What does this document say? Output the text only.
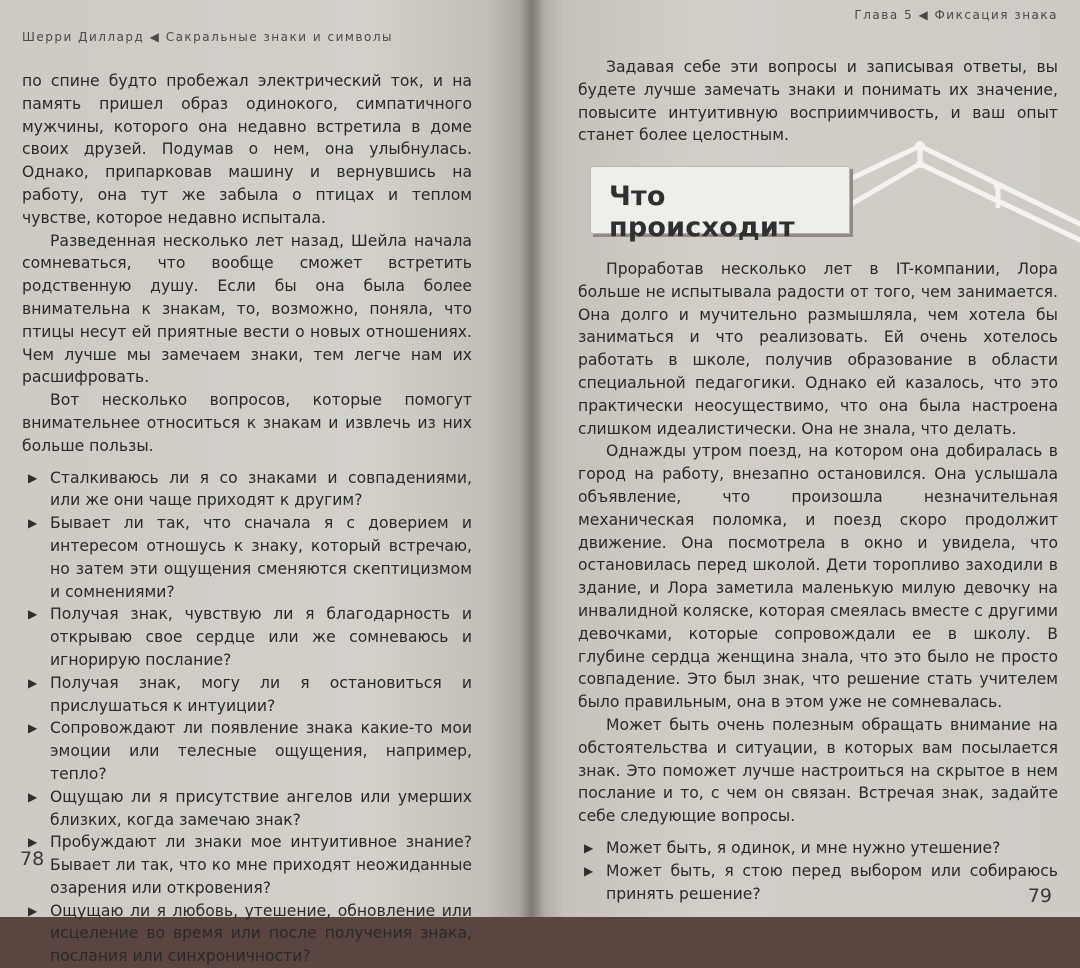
Шерри Диллард ◀ Сакральные знаки и символы
по спине будто пробежал электрический ток, и на память пришел образ одинокого, симпатичного мужчины, которого она недавно встретила в доме своих друзей. Подумав о нем, она улыбнулась. Однако, припарковав машину и вернувшись на работу, она тут же забыла о птицах и теплом чувстве, которое недавно испытала.
Разведенная несколько лет назад, Шейла начала сомневаться, что вообще сможет встретить родственную душу. Если бы она была более внимательна к знакам, то, возможно, поняла, что птицы несут ей приятные вести о новых отношениях. Чем лучше мы замечаем знаки, тем легче нам их расшифровать.
Вот несколько вопросов, которые помогут внимательнее относиться к знакам и извлечь из них больше пользы.
▶ Сталкиваюсь ли я со знаками и совпадениями, или же они чаще приходят к другим?
▶ Бывает ли так, что сначала я с доверием и интересом отношусь к знаку, который встречаю, но затем эти ощущения сменяются скептицизмом и сомнениями?
▶ Получая знак, чувствую ли я благодарность и открываю свое сердце или же сомневаюсь и игнорирую послание?
▶ Получая знак, могу ли я остановиться и прислушаться к интуиции?
▶ Сопровождают ли появление знака какие-то мои эмоции или телесные ощущения, например, тепло?
▶ Ощущаю ли я присутствие ангелов или умерших близких, когда замечаю знак?
▶ Пробуждают ли знаки мое интуитивное знание? Бывает ли так, что ко мне приходят неожиданные озарения или откровения?
▶ Ощущаю ли я любовь, утешение, обновление или исцеление во время или после получения знака, послания или синхроничности?
78
Глава 5 ◀ Фиксация знака
Задавая себе эти вопросы и записывая ответы, вы будете лучше замечать знаки и понимать их значение, повысите интуитивную восприимчивость, и ваш опыт станет более целостным.
Что происходит
Проработав несколько лет в IT-компании, Лора больше не испытывала радости от того, чем занимается. Она долго и мучительно размышляла, чем хотела бы заниматься и что реализовать. Ей очень хотелось работать в школе, получив образование в области специальной педагогики. Однако ей казалось, что это практически неосуществимо, что она была настроена слишком идеалистически. Она не знала, что делать.
Однажды утром поезд, на котором она добиралась в город на работу, внезапно остановился. Она услышала объявление, что произошла незначительная механическая поломка, и поезд скоро продолжит движение. Она посмотрела в окно и увидела, что остановилась перед школой. Дети торопливо заходили в здание, и Лора заметила маленькую милую девочку на инвалидной коляске, которая смеялась вместе с другими девочками, которые сопровождали ее в школу. В глубине сердца женщина знала, что это было не просто совпадение. Это был знак, что решение стать учителем было правильным, она в этом уже не сомневалась.
Может быть очень полезным обращать внимание на обстоятельства и ситуации, в которых вам посылается знак. Это поможет лучше настроиться на скрытое в нем послание и то, с чем он связан. Встречая знак, задайте себе следующие вопросы.
▶ Может быть, я одинок, и мне нужно утешение?
▶ Может быть, я стою перед выбором или собираюсь принять решение?	79
